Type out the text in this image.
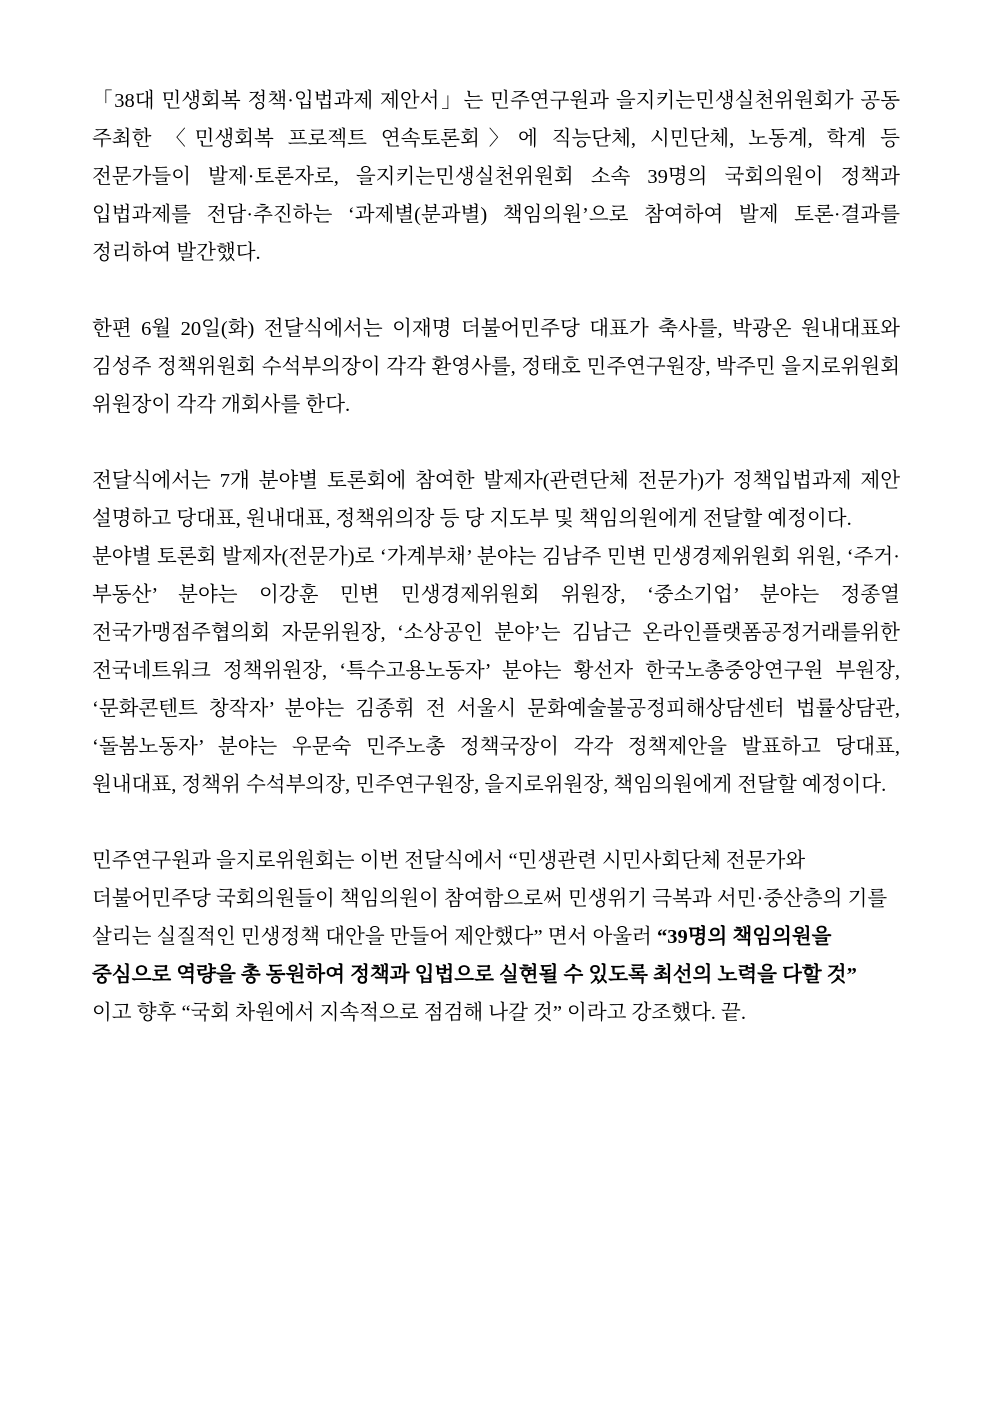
「38대 민생회복 정책·입법과제 제안서」는 민주연구원과 을지키는민생실천위원회가 공동 주최한 〈민생회복 프로젝트 연속토론회〉에 직능단체, 시민단체, 노동계, 학계 등 전문가들이 발제·토론자로, 을지키는민생실천위원회 소속 39명의 국회의원이 정책과 입법과제를 전담·추진하는 ‘과제별(분과별) 책임의원’으로 참여하여 발제 토론·결과를 정리하여 발간했다.

한편 6월 20일(화) 전달식에서는 이재명 더불어민주당 대표가 축사를, 박광온 원내대표와 김성주 정책위원회 수석부의장이 각각 환영사를, 정태호 민주연구원장, 박주민 을지로위원회 위원장이 각각 개회사를 한다.

전달식에서는 7개 분야별 토론회에 참여한 발제자(관련단체 전문가)가 정책입법과제 제안 설명하고 당대표, 원내대표, 정책위의장 등 당 지도부 및 책임의원에게 전달할 예정이다.

분야별 토론회 발제자(전문가)로 ‘가계부채’ 분야는 김남주 민변 민생경제위원회 위원, ‘주거·부동산’ 분야는 이강훈 민변 민생경제위원회 위원장, ‘중소기업’ 분야는 정종열 전국가맹점주협의회 자문위원장, ‘소상공인 분야’는 김남근 온라인플랫폼공정거래를위한 전국네트워크 정책위원장, ‘특수고용노동자’ 분야는 황선자 한국노총중앙연구원 부원장, ‘문화콘텐트 창작자’ 분야는 김종휘 전 서울시 문화예술불공정피해상담센터 법률상담관, ‘돌봄노동자’ 분야는 우문숙 민주노총 정책국장이 각각 정책제안을 발표하고 당대표, 원내대표, 정책위 수석부의장, 민주연구원장, 을지로위원장, 책임의원에게 전달할 예정이다.

민주연구원과 을지로위원회는 이번 전달식에서 “민생관련 시민사회단체 전문가와 더불어민주당 국회의원들이 책임의원이 참여함으로써 민생위기 극복과 서민·중산층의 기를 살리는 실질적인 민생정책 대안을 만들어 제안했다” 면서 아울러 “39명의 책임의원을 중심으로 역량을 총 동원하여 정책과 입법으로 실현될 수 있도록 최선의 노력을 다할 것” 이고 향후 “국회 차원에서 지속적으로 점검해 나갈 것” 이라고 강조했다. 끝.
